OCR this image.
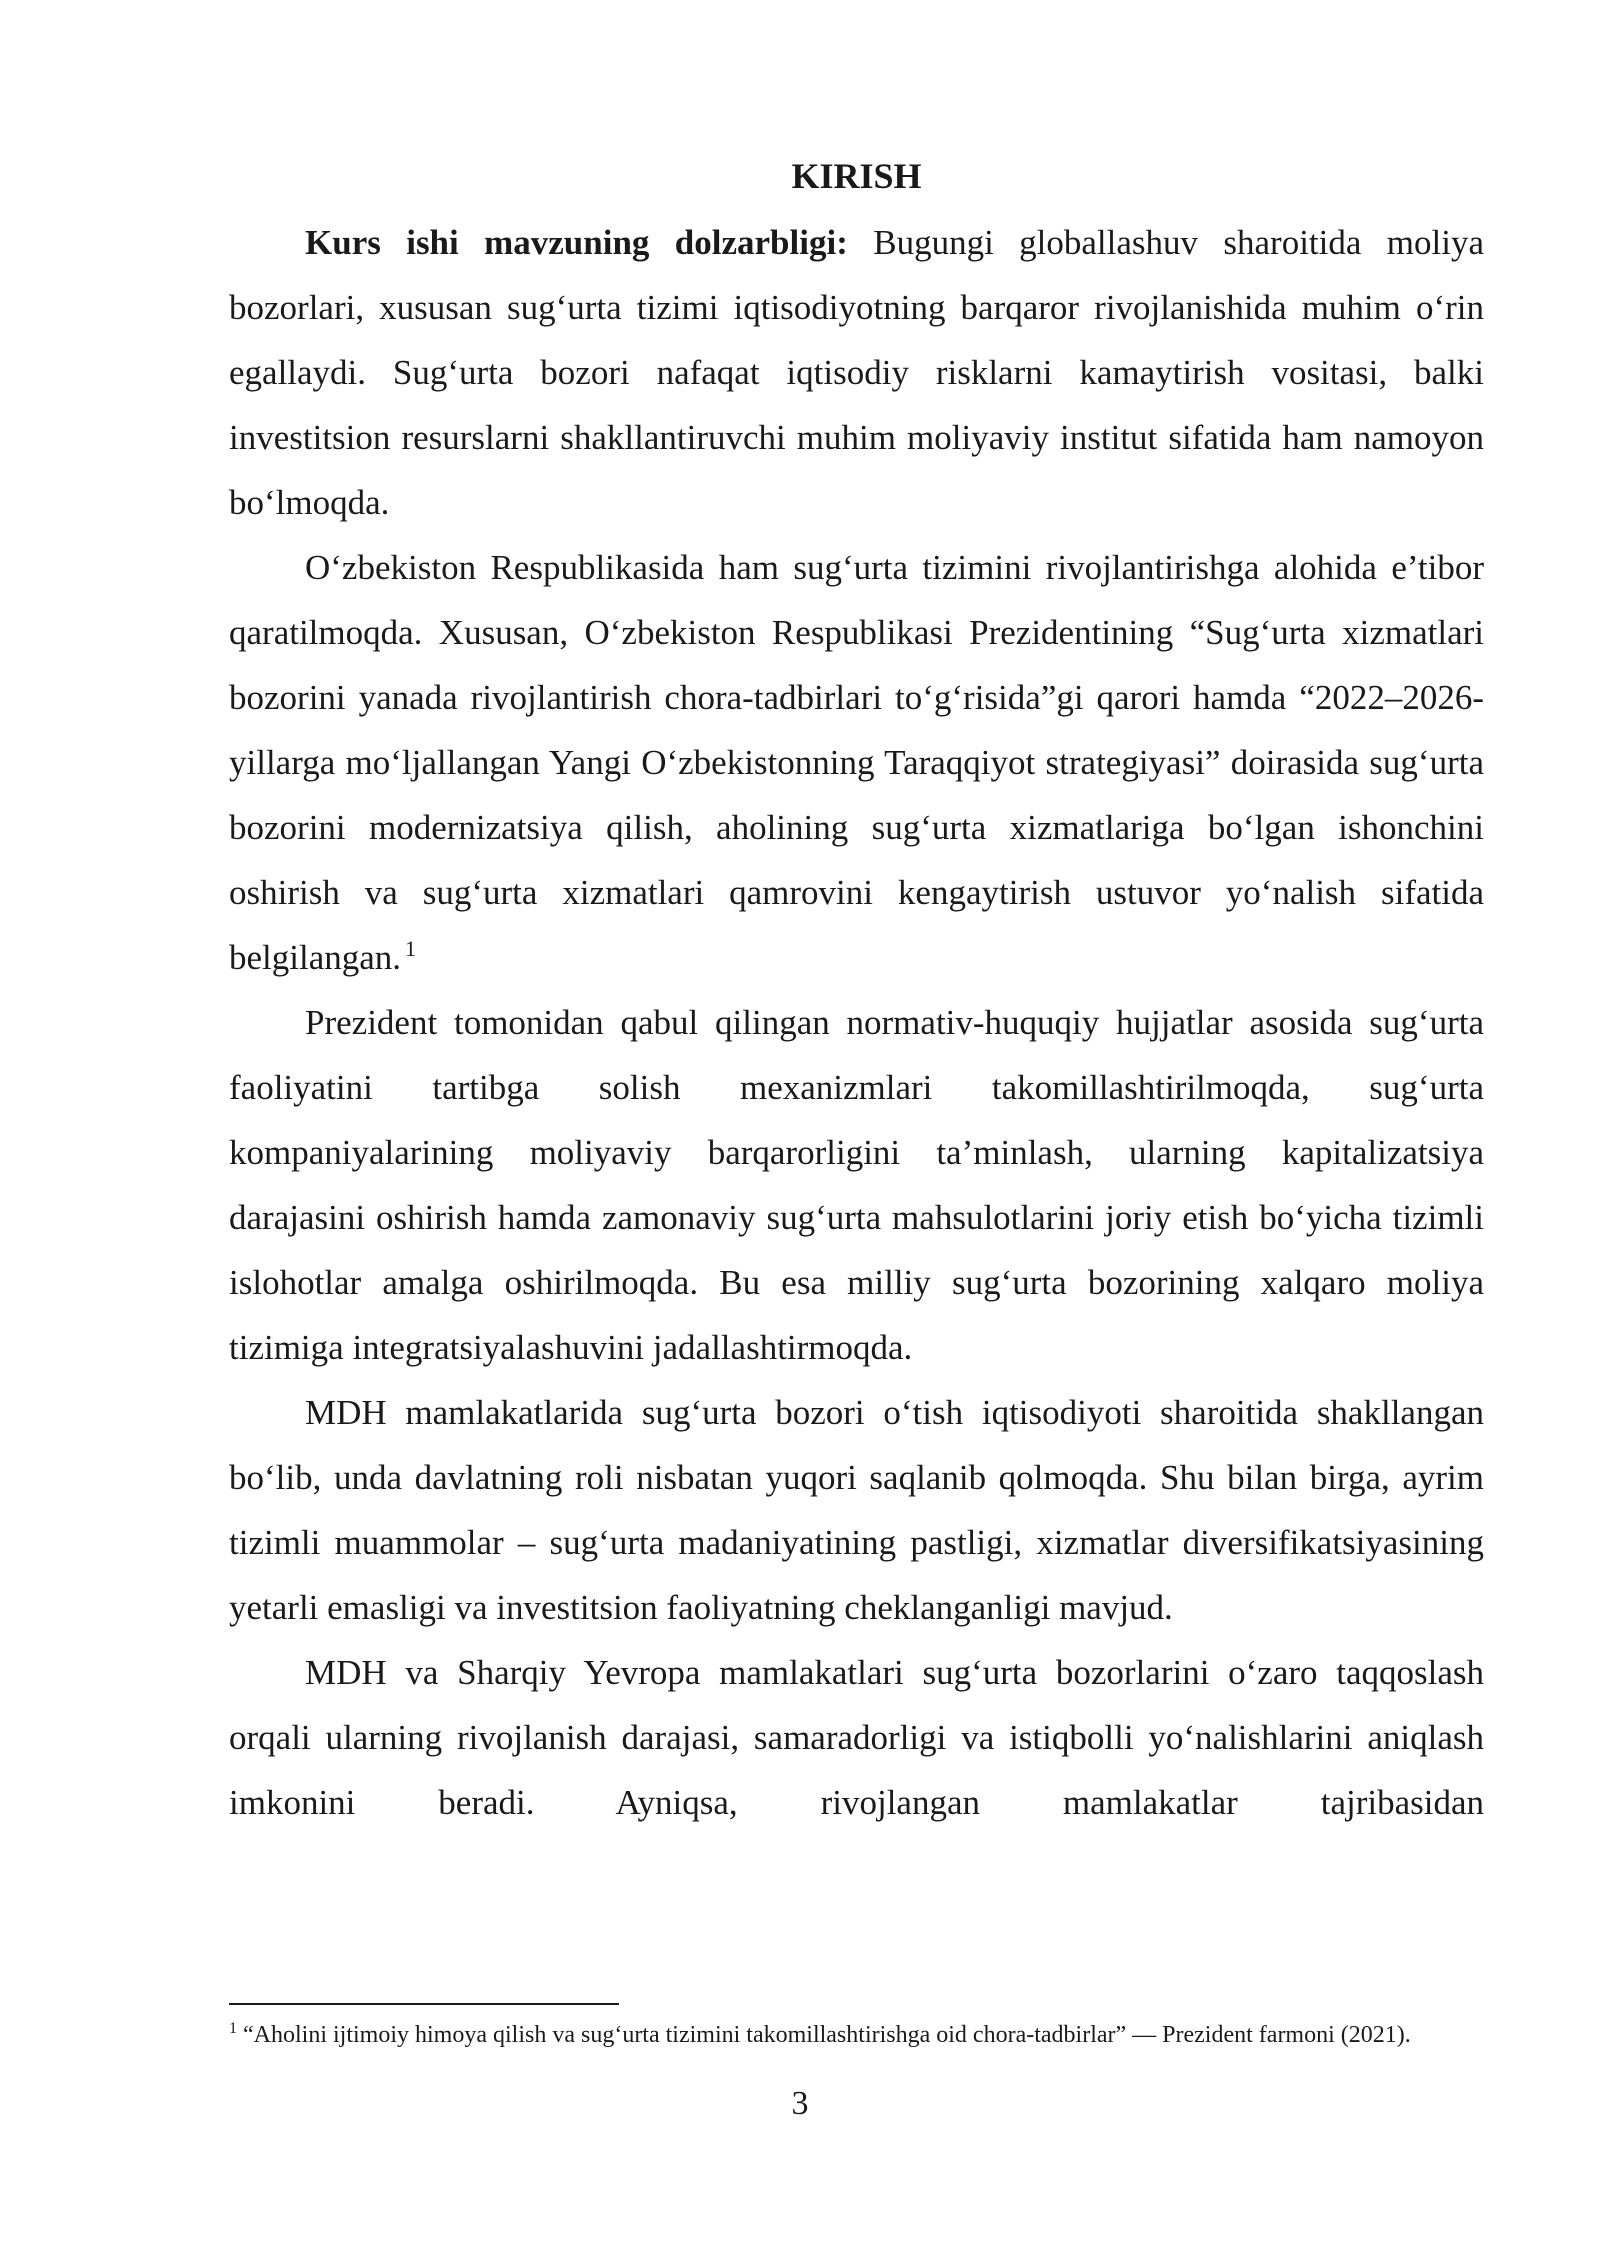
KIRISH

Kurs ishi mavzuning dolzarbligi: Bugungi globallashuv sharoitida moliya bozorlari, xususan sug‘urta tizimi iqtisodiyotning barqaror rivojlanishida muhim o‘rin egallaydi. Sug‘urta bozori nafaqat iqtisodiy risklarni kamaytirish vositasi, balki investitsion resurslarni shakllantiruvchi muhim moliyaviy institut sifatida ham namoyon bo‘lmoqda.

O‘zbekiston Respublikasida ham sug‘urta tizimini rivojlantirishga alohida e’tibor qaratilmoqda. Xususan, O‘zbekiston Respublikasi Prezidentining “Sug‘urta xizmatlari bozorini yanada rivojlantirish chora-tadbirlari to‘g‘risida”gi qarori hamda “2022–2026-yillarga mo‘ljallangan Yangi O‘zbekistonning Taraqqiyot strategiyasi” doirasida sug‘urta bozorini modernizatsiya qilish, aholining sug‘urta xizmatlariga bo‘lgan ishonchini oshirish va sug‘urta xizmatlari qamrovini kengaytirish ustuvor yo‘nalish sifatida belgilangan. $^1$

Prezident tomonidan qabul qilingan normativ-huquqiy hujjatlar asosida sug‘urta faoliyatini tartibga solish mexanizmlari takomillashtirilmoqda, sug‘urta kompaniyalarining moliyaviy barqarorligini ta’minlash, ularning kapitalizatsiya darajasini oshirish hamda zamonaviy sug‘urta mahsulotlarini joriy etish bo‘yicha tizimli islohotlar amalga oshirilmoqda. Bu esa milliy sug‘urta bozorining xalqaro moliya tizimiga integratsiyalashuvini jadallashtirmoqda.

MDH mamlakatlarida sug‘urta bozori o‘tish iqtisodiyoti sharoitida shakllangan bo‘lib, unda davlatning roli nisbatan yuqori saqlanib qolmoqda. Shu bilan birga, ayrim tizimli muammolar – sug‘urta madaniyatining pastligi, xizmatlar diversifikatsiyasining yetarli emasligi va investitsion faoliyatning cheklanganligi mavjud.

MDH va Sharqiy Yevropa mamlakatlari sug‘urta bozorlarini o‘zaro taqqoslash orqali ularning rivojlanish darajasi, samaradorligi va istiqbolli yo‘nalishlarini aniqlash imkonini beradi. Ayniqsa, rivojlangan mamlakatlar tajribasidan

$^1$ “Aholini ijtimoiy himoya qilish va sug‘urta tizimini takomillashtirishga oid chora-tadbirlar” — Prezident farmoni (2021).
3
